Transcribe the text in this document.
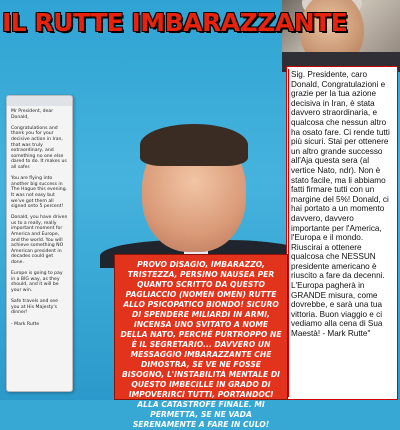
IL RUTTE IMBARAZZANTE
Mr President, dear
Donald,

Congratulations and
thank you for your
decisive action in Iran,
that was truly
extraordinary, and
something no one else
dared to do. It makes us
all safer.

You are flying into
another big success in
The Hague this evening.
It was not easy but
we've got them all
signed onto 5 percent!

Donald, you have driven
us to a really, really
important moment for
America and Europe,
and the world. You will
achieve something NO
American president in
decades could get
done.

Europe is going to pay
in a BIG way, as they
should, and it will be
your win.

Safe travels and see
you at His Majesty's
dinner!

- Mark Rutte
Sig. Presidente, caro Donald, Congratulazioni e grazie per la tua azione decisiva in Iran, è stata davvero straordinaria, e qualcosa che nessun altro ha osato fare. Ci rende tutti più sicuri. Stai per ottenere un altro grande successo all'Aja questa sera (al vertice Nato, ndr). Non è stato facile, ma li abbiamo fatti firmare tutti con un margine del 5%! Donald, ci hai portato a un momento davvero, davvero importante per l'America, l'Europa e il mondo. Riuscirai a ottenere qualcosa che NESSUN presidente americano è riuscito a fare da decenni. L'Europa pagherà in GRANDE misura, come dovrebbe, e sarà una tua vittoria. Buon viaggio e ci vediamo alla cena di Sua Maestà! - Mark Rutte"
PROVO DISAGIO, IMBARAZZO, TRISTEZZA, PERSINO NAUSEA PER QUANTO SCRITTO DA QUESTO PAGLIACCIO (NOMEN OMEN) RUTTE ALLO PSICOPATICO BIONDO! SICURO DI SPENDERE MILIARDI IN ARMI, INCENSA UNO SVITATO A NOME DELLA NATO, PERCHÉ PURTROPPO NE È IL SEGRETARIO... DAVVERO UN MESSAGGIO IMBARAZZANTE CHE DIMOSTRA, SE VE NE FOSSE BISOGNO, L'INSTABILITÀ MENTALE DI QUESTO IMBECILLE IN GRADO DI IMPOVERIRCI TUTTI, PORTANDOCI ALLA CATASTROFE FINALE. MI PERMETTA, SE NE VADA SERENAMENTE A FARE IN CULO!
